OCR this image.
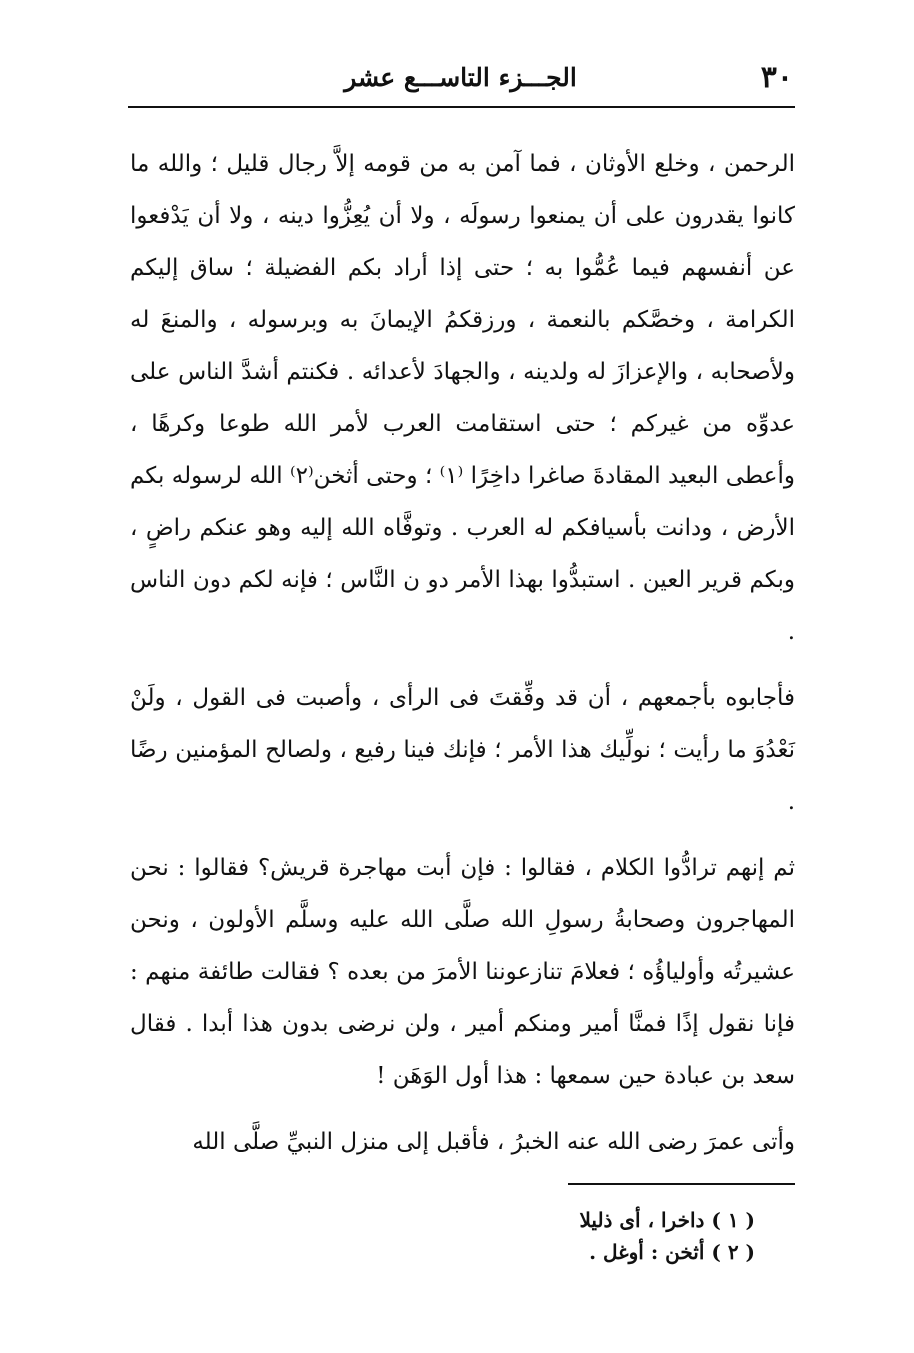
٣٠
الجـــزء التاســـع عشر

الرحمن ، وخلع الأوثان ، فما آمن به من قومه إلاَّ رجال قليل ؛ والله ما كانوا يقدرون على أن يمنعوا رسولَه ، ولا أن يُعِزُّوا دينه ، ولا أن يَدْفعوا عن أنفسهم فيما عُمُّوا به ؛ حتى إذا أراد بكم الفضيلة ؛ ساق إليكم الكرامة ، وخصَّكم بالنعمة ، ورزقكمُ الإيمانَ به وبرسوله ، والمنعَ له ولأصحابه ، والإعزازَ له ولدينه ، والجهادَ لأعدائه . فكنتم أشدَّ الناس على عدوِّه من غيركم ؛ حتى استقامت العرب لأمر الله طوعا وكرهًا ، وأعطى البعيد المقادةَ صاغرا داخِرًا ⁽١⁾ ؛ وحتى أثخن⁽٢⁾ الله لرسوله بكم الأرض ، ودانت بأسيافكم له العرب . وتوفَّاه الله إليه وهو عنكم راضٍ ، وبكم قرير العين . استبدُّوا بهذا الأمر دو ن النَّاس ؛ فإنه لكم دون الناس .

فأجابوه بأجمعهم ، أن قد وفِّقتَ فى الرأى ، وأصبت فى القول ، ولَنْ نَعْدُوَ ما رأيت ؛ نولِّيك هذا الأمر ؛ فإنك فينا رفيع ، ولصالح المؤمنين رضًا .

ثم إنهم ترادُّوا الكلام ، فقالوا : فإن أبت مهاجرة قريش؟ فقالوا : نحن المهاجرون وصحابةُ رسولِ الله صلَّى الله عليه وسلَّم الأولون ، ونحن عشيرتُه وأولياؤُه ؛ فعلامَ تنازعوننا الأمرَ من بعده ؟ فقالت طائفة منهم : فإنا نقول إذًا فمنَّا أمير ومنكم أمير ، ولن نرضى بدون هذا أبدا . فقال سعد بن عبادة حين سمعها : هذا أول الوَهَن !

وأتى عمرَ رضى الله عنه الخبرُ ، فأقبل إلى منزل النبيِّ صلَّى الله

( ١ ) داخرا ، أى ذليلا

( ٢ ) أثخن : أوغل .
